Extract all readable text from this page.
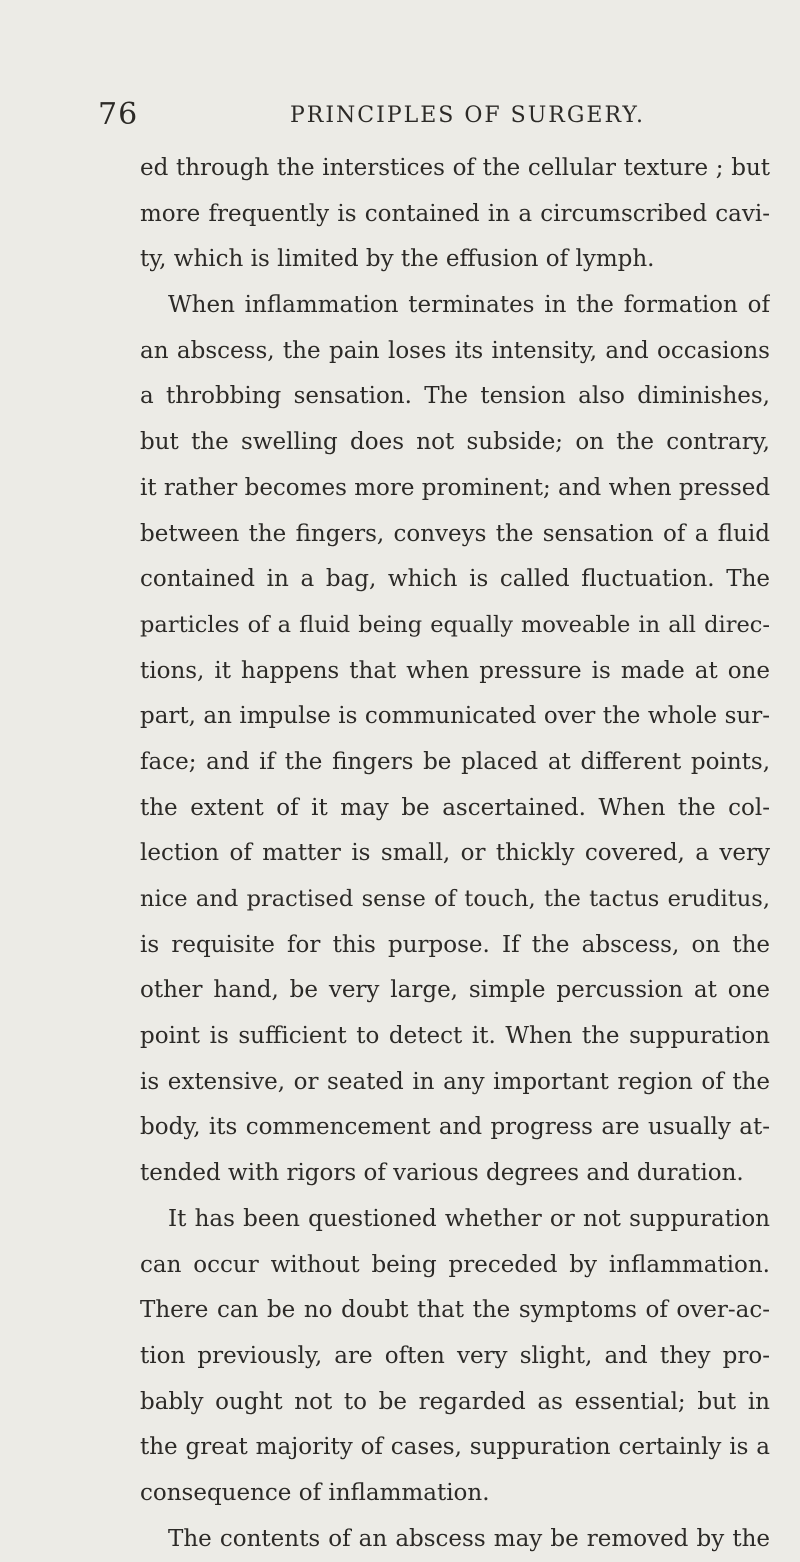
76	PRINCIPLES OF SURGERY.
ed through the interstices of the cellular texture ; but
more frequently is contained in a circumscribed cavi-
ty, which is limited by the effusion of lymph.
When inflammation terminates in the formation of
an abscess, the pain loses its intensity, and occasions
a throbbing sensation. The tension also diminishes,
but the swelling does not subside; on the contrary,
it rather becomes more prominent; and when pressed
between the fingers, conveys the sensation of a fluid
contained in a bag, which is called fluctuation. The
particles of a fluid being equally moveable in all direc-
tions, it happens that when pressure is made at one
part, an impulse is communicated over the whole sur-
face; and if the fingers be placed at different points,
the extent of it may be ascertained. When the col-
lection of matter is small, or thickly covered, a very
nice and practised sense of touch, the tactus eruditus,
is requisite for this purpose. If the abscess, on the
other hand, be very large, simple percussion at one
point is sufficient to detect it. When the suppuration
is extensive, or seated in any important region of the
body, its commencement and progress are usually at-
tended with rigors of various degrees and duration.
It has been questioned whether or not suppuration
can occur without being preceded by inflammation.
There can be no doubt that the symptoms of over-ac-
tion previously, are often very slight, and they pro-
bably ought not to be regarded as essential; but in
the great majority of cases, suppuration certainly is a
consequence of inflammation.
The contents of an abscess may be removed by the
